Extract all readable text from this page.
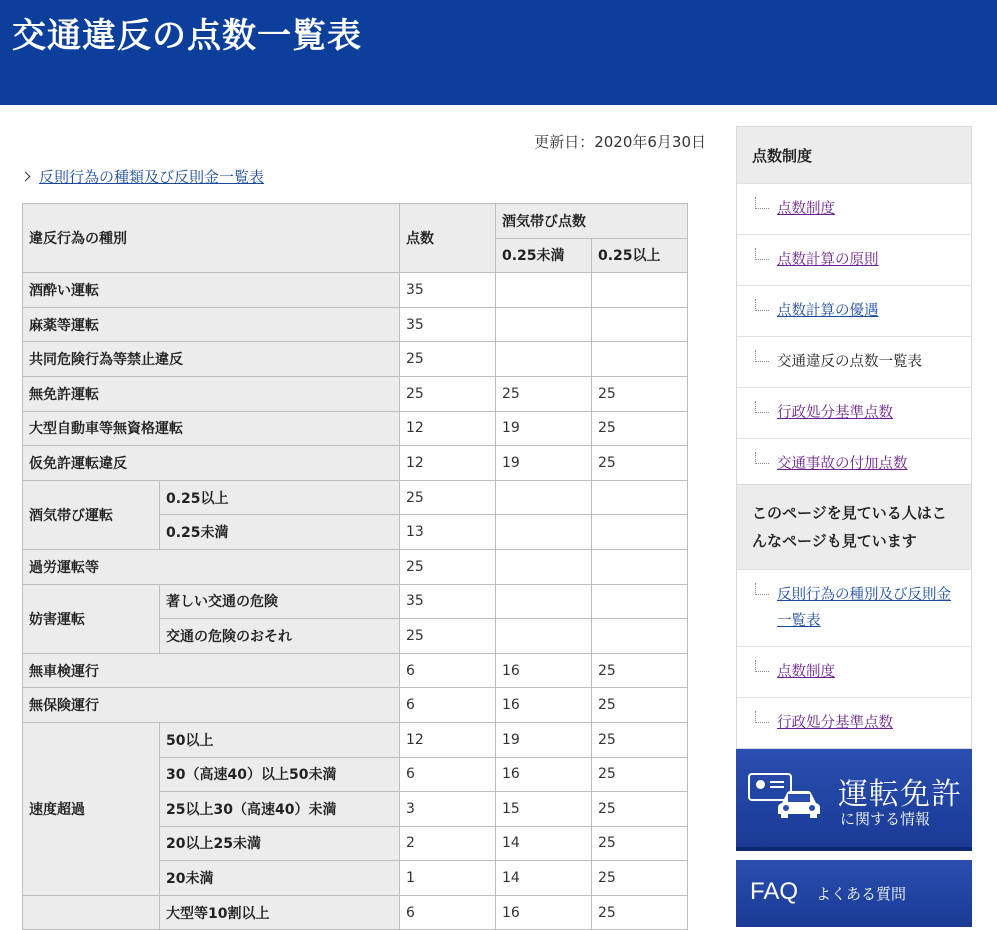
交通違反の点数一覧表
更新日：2020年6月30日
反則行為の種類及び反則金一覧表
違反行為の種別		点数	酒気帯び点数	
			0.25未満	0.25以上
酒酔い運転		35		
麻薬等運転		35		
共同危険行為等禁止違反		25		
無免許運転		25	25	25
大型自動車等無資格運転		12	19	25
仮免許運転違反		12	19	25
酒気帯び運転	0.25以上	25		
	0.25未満	13		
過労運転等		25		
妨害運転	著しい交通の危険	35		
	交通の危険のおそれ	25		
無車検運行		6	16	25
無保険運行		6	16	25
速度超過	50以上	12	19	25
	30（高速40）以上50未満	6	16	25
	25以上30（高速40）未満	3	15	25
	20以上25未満	2	14	25
	20未満	1	14	25
	大型等10割以上	6	16	25
点数制度
点数制度
点数計算の原則
点数計算の優遇
交通違反の点数一覧表
行政処分基準点数
交通事故の付加点数
このページを見ている人はこんなページも見ています
反則行為の種別及び反則金一覧表
点数制度
行政処分基準点数
運転免許
に関する情報
FAQ よくある質問
